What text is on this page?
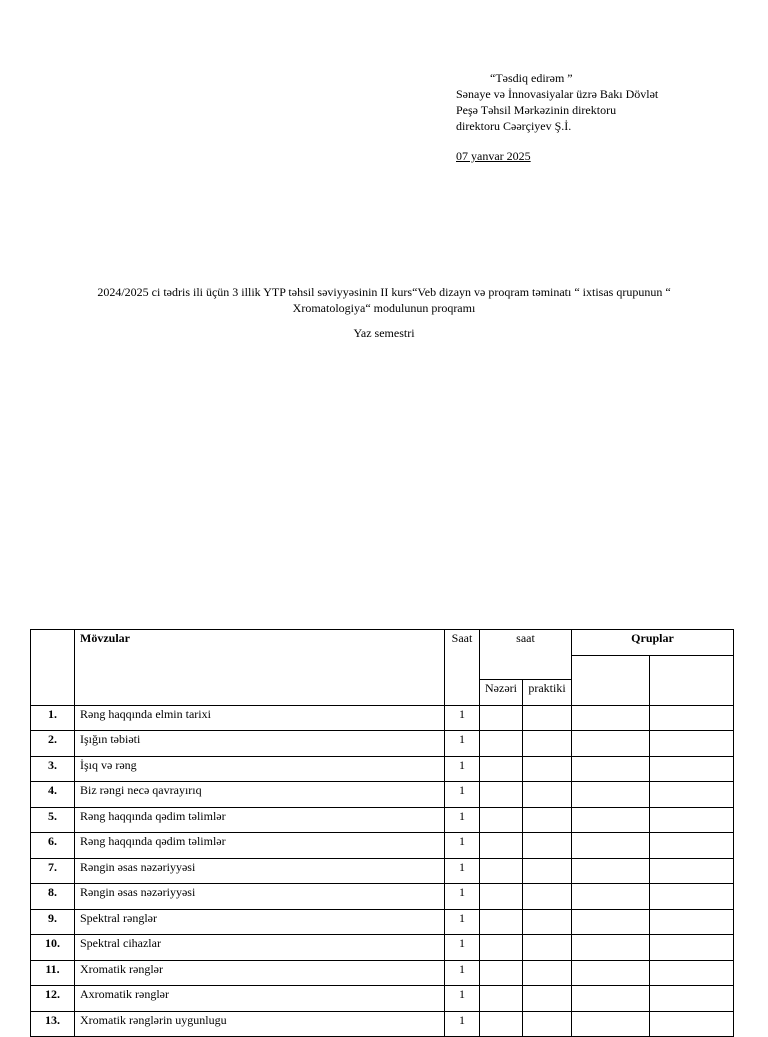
“Təsdiq edirəm ”
Sənaye və İnnovasiyalar üzrə Bakı Dövlət
Peşə Təhsil Mərkəzinin direktoru
direktoru Cəərçiyev Ş.İ.
07 yanvar 2025
2024/2025 ci tədris ili üçün 3 illik YTP təhsil səviyyəsinin II kurs“Veb dizayn və proqram təminatı “ ixtisas qrupunun “
Xromatologiya“ modulunun proqramı
Yaz semestri
	Mövzular	Saat	saat		Qruplar	

			Nəzəri	praktiki		
1.	Rəng haqqında elmin tarixi	1				
2.	Işığın təbiəti	1				
3.	İşıq və rəng	1				
4.	Biz rəngi necə qavrayırıq	1				
5.	Rəng haqqında qədim təlimlər	1				
6.	Rəng haqqında qədim təlimlər	1				
7.	Rəngin əsas nəzəriyyəsi	1				
8.	Rəngin əsas nəzəriyyəsi	1				
9.	Spektral rənglər	1				
10.	Spektral cihazlar	1				
11.	Xromatik rənglər	1				
12.	Axromatik rənglər	1				
13.	Xromatik rənglərin uygunlugu	1				
